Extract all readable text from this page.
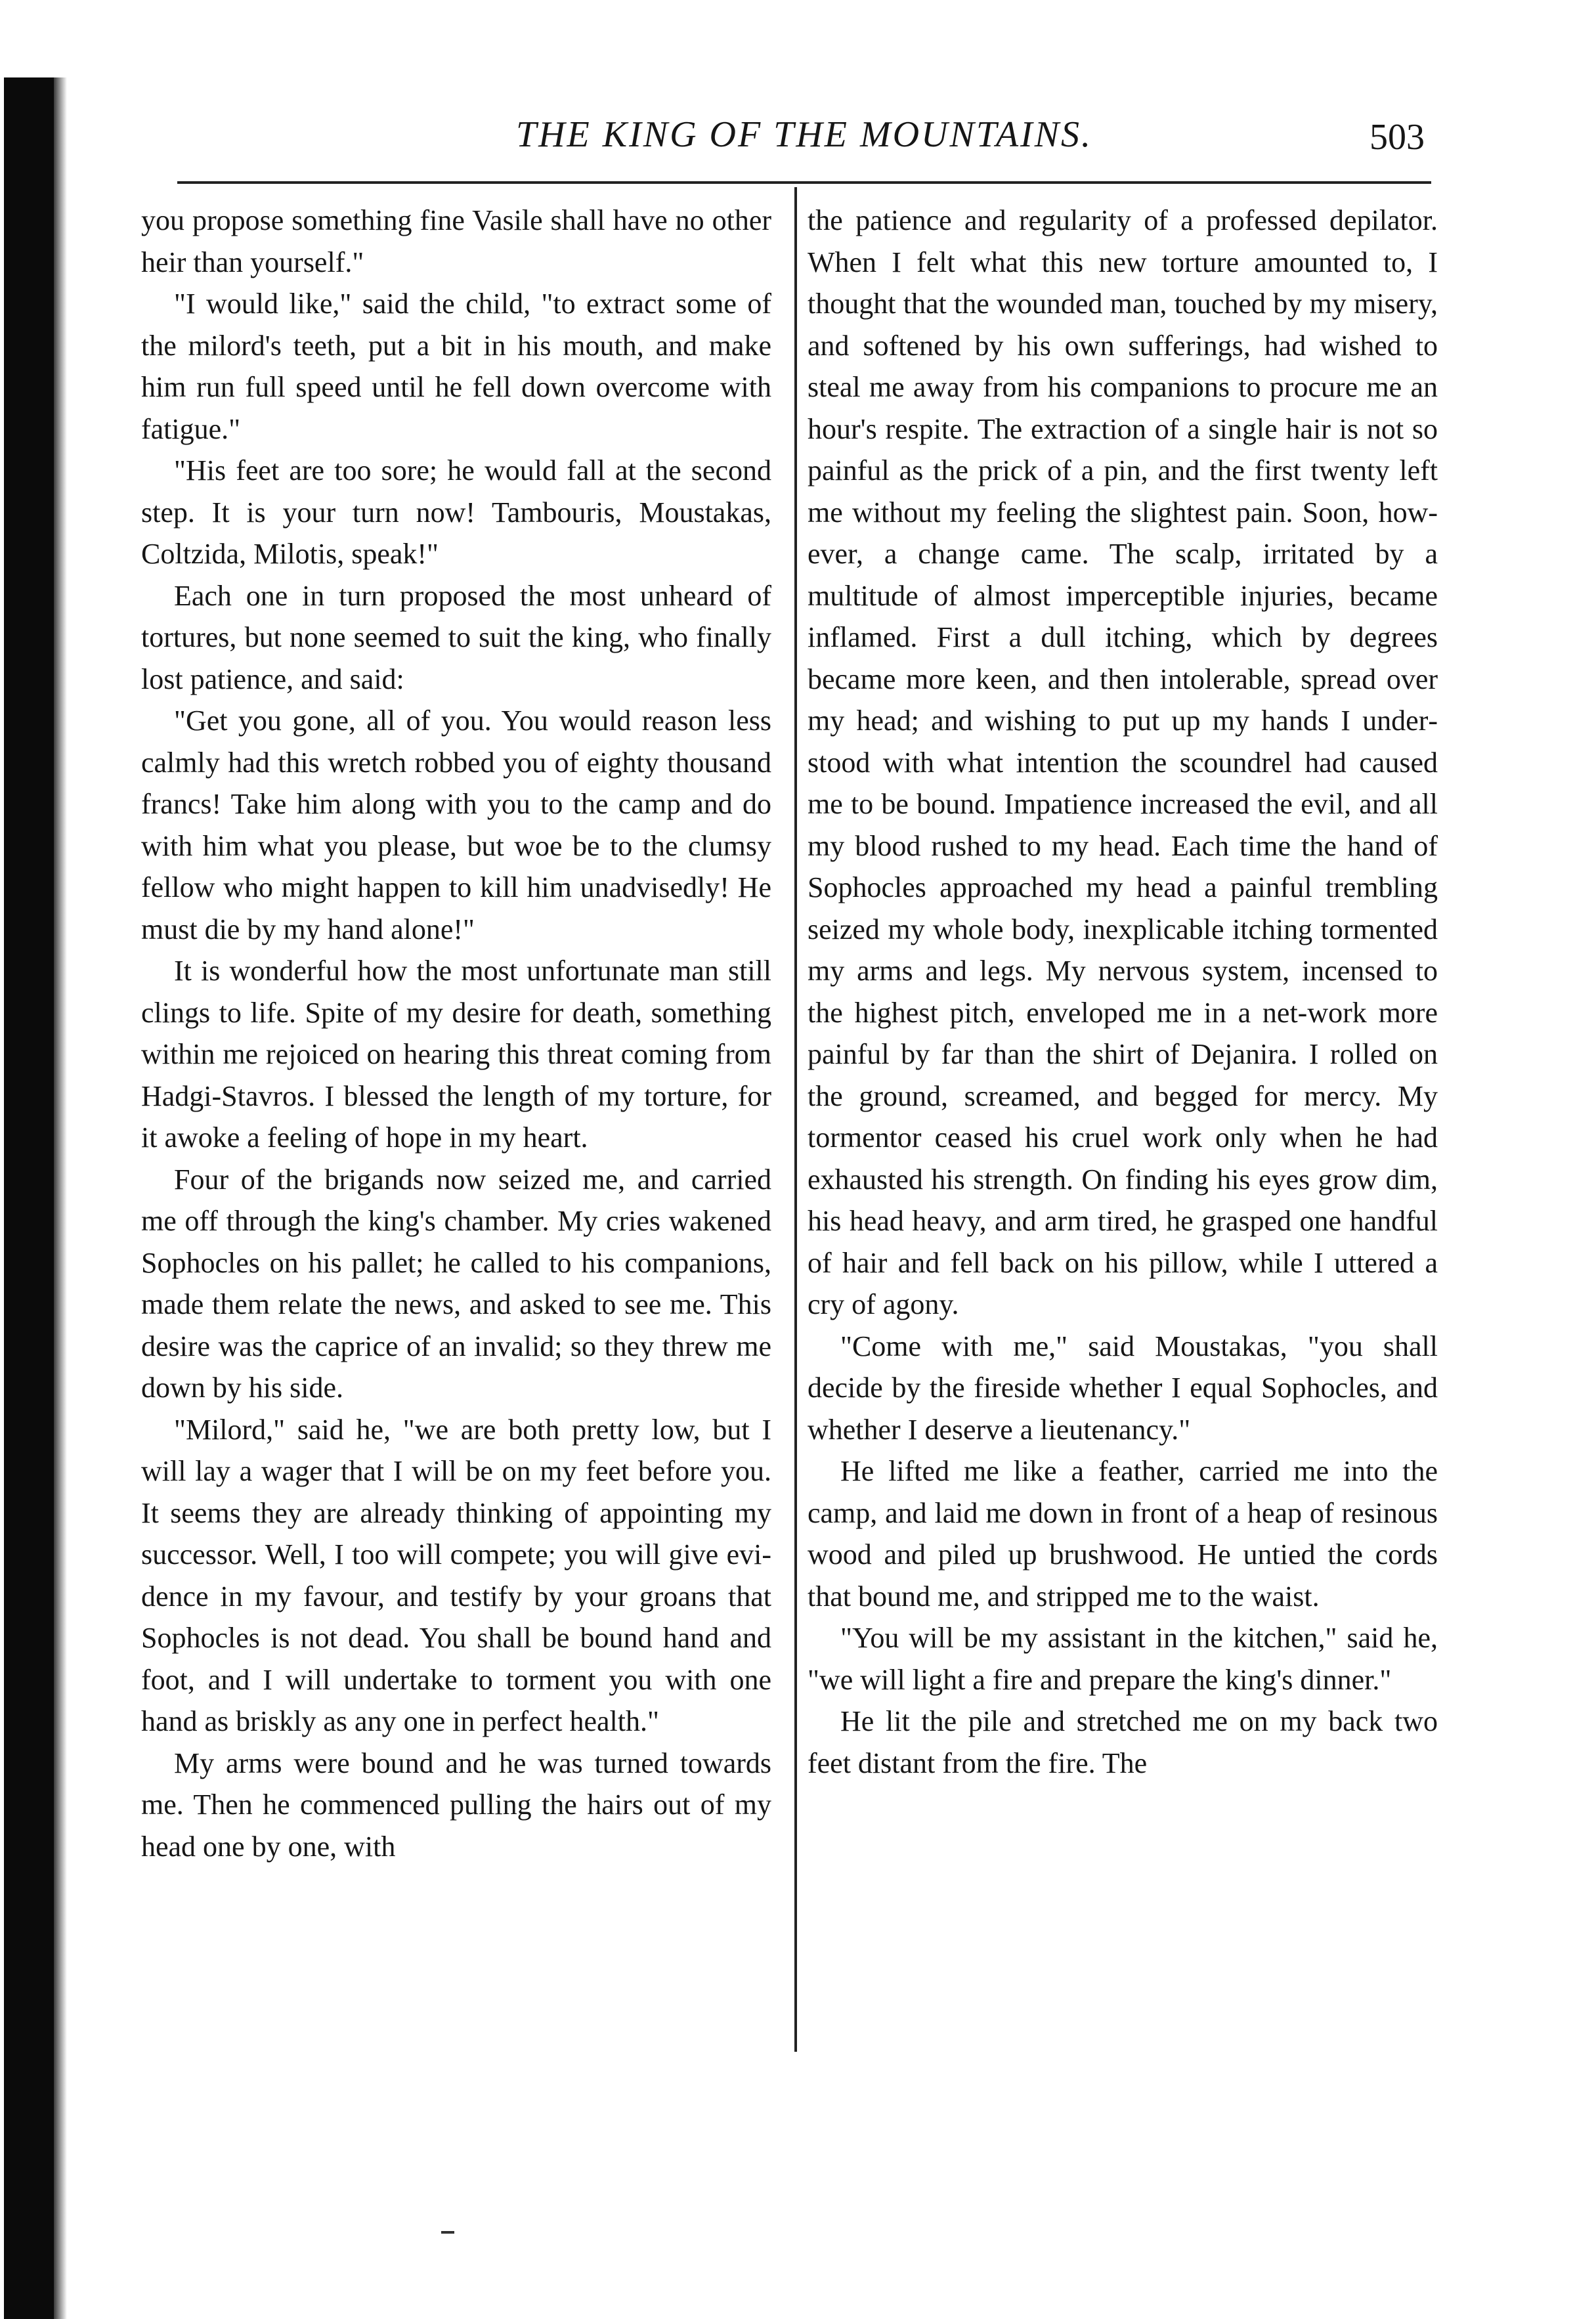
THE KING OF THE MOUNTAINS.	503

you propose something fine Vasile shall have no other heir than yourself."

"I would like," said the child, "to extract some of the milord's teeth, put a bit in his mouth, and make him run full speed until he fell down overcome with fatigue."

"His feet are too sore; he would fall at the second step. It is your turn now! Tambouris, Moustakas, Coltzida, Milotis, speak!"

Each one in turn proposed the most unheard of tortures, but none seemed to suit the king, who finally lost patience, and said:

"Get you gone, all of you. You would reason less calmly had this wretch robbed you of eighty thousand francs! Take him along with you to the camp and do with him what you please, but woe be to the clumsy fellow who might happen to kill him unadvisedly! He must die by my hand alone!"

It is wonderful how the most unfortunate man still clings to life. Spite of my desire for death, something within me rejoiced on hearing this threat coming from Hadgi-Stavros. I blessed the length of my torture, for it awoke a feeling of hope in my heart.

Four of the brigands now seized me, and carried me off through the king's chamber. My cries wakened Sophocles on his pallet; he called to his companions, made them relate the news, and asked to see me. This desire was the caprice of an invalid; so they threw me down by his side.

"Milord," said he, "we are both pretty low, but I will lay a wager that I will be on my feet before you. It seems they are already thinking of appointing my successor. Well, I too will compete; you will give evidence in my favour, and testify by your groans that Sophocles is not dead. You shall be bound hand and foot, and I will undertake to torment you with one hand as briskly as any one in perfect health."

My arms were bound and he was turned towards me. Then he commenced pulling the hairs out of my head one by one, with

the patience and regularity of a professed depilator. When I felt what this new torture amounted to, I thought that the wounded man, touched by my misery, and softened by his own sufferings, had wished to steal me away from his companions to procure me an hour's respite. The extraction of a single hair is not so painful as the prick of a pin, and the first twenty left me without my feeling the slightest pain. Soon, however, a change came. The scalp, irritated by a multitude of almost imperceptible injuries, became inflamed. First a dull itching, which by degrees became more keen, and then intolerable, spread over my head; and wishing to put up my hands I understood with what intention the scoundrel had caused me to be bound. Impatience increased the evil, and all my blood rushed to my head. Each time the hand of Sophocles approached my head a painful trembling seized my whole body, inexplicable itching tormented my arms and legs. My nervous system, incensed to the highest pitch, enveloped me in a net-work more painful by far than the shirt of Dejanira. I rolled on the ground, screamed, and begged for mercy. My tormentor ceased his cruel work only when he had exhausted his strength. On finding his eyes grow dim, his head heavy, and arm tired, he grasped one handful of hair and fell back on his pillow, while I uttered a cry of agony.

"Come with me," said Moustakas, "you shall decide by the fireside whether I equal Sophocles, and whether I deserve a lieutenancy."

He lifted me like a feather, carried me into the camp, and laid me down in front of a heap of resinous wood and piled up brushwood. He untied the cords that bound me, and stripped me to the waist.

"You will be my assistant in the kitchen," said he, "we will light a fire and prepare the king's dinner."

He lit the pile and stretched me on my back two feet distant from the fire. The
